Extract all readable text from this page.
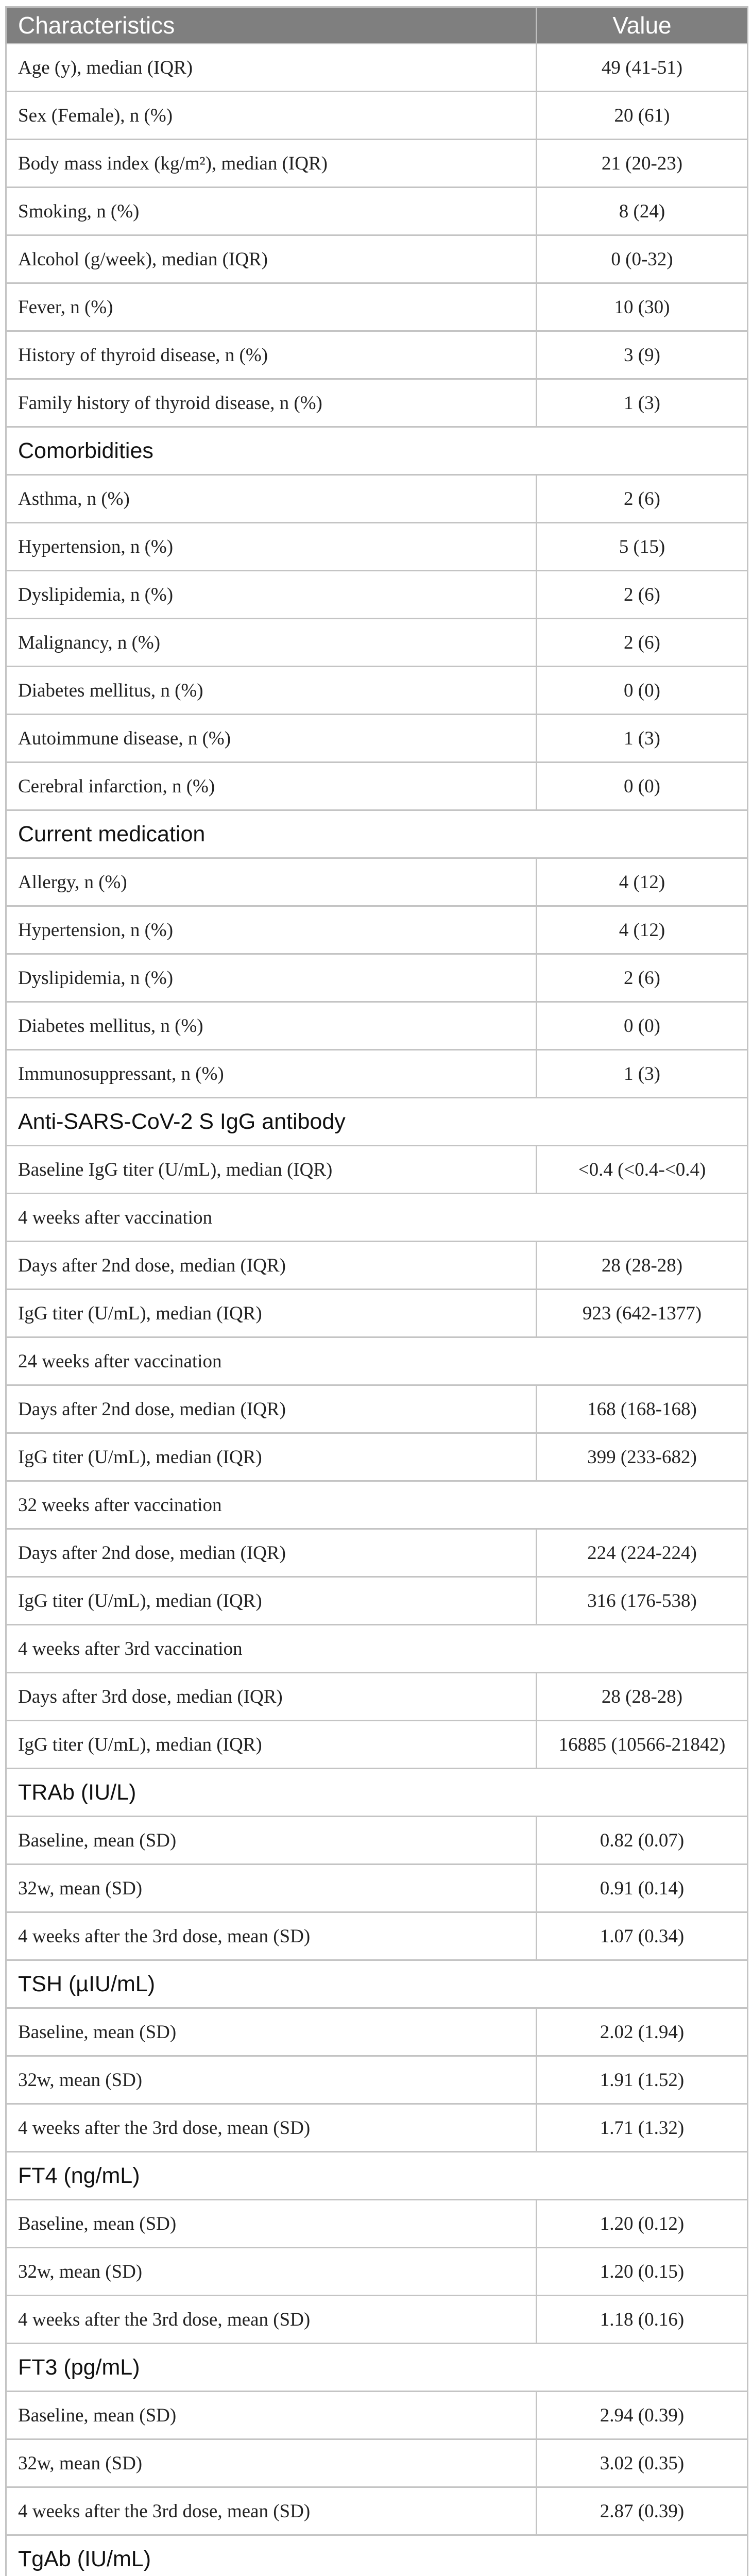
Characteristics	Value
Age (y), median (IQR)	49 (41-51)
Sex (Female), n (%)	20 (61)
Body mass index (kg/m²), median (IQR)	21 (20-23)
Smoking, n (%)	8 (24)
Alcohol (g/week), median (IQR)	0 (0-32)
Fever, n (%)	10 (30)
History of thyroid disease, n (%)	3 (9)
Family history of thyroid disease, n (%)	1 (3)
Comorbidities	
Asthma, n (%)	2 (6)
Hypertension, n (%)	5 (15)
Dyslipidemia, n (%)	2 (6)
Malignancy, n (%)	2 (6)
Diabetes mellitus, n (%)	0 (0)
Autoimmune disease, n (%)	1 (3)
Cerebral infarction, n (%)	0 (0)
Current medication	
Allergy, n (%)	4 (12)
Hypertension, n (%)	4 (12)
Dyslipidemia, n (%)	2 (6)
Diabetes mellitus, n (%)	0 (0)
Immunosuppressant, n (%)	1 (3)
Anti-SARS-CoV-2 S IgG antibody	
Baseline IgG titer (U/mL), median (IQR)	<0.4 (<0.4-<0.4)
4 weeks after vaccination	
Days after 2nd dose, median (IQR)	28 (28-28)
IgG titer (U/mL), median (IQR)	923 (642-1377)
24 weeks after vaccination	
Days after 2nd dose, median (IQR)	168 (168-168)
IgG titer (U/mL), median (IQR)	399 (233-682)
32 weeks after vaccination	
Days after 2nd dose, median (IQR)	224 (224-224)
IgG titer (U/mL), median (IQR)	316 (176-538)
4 weeks after 3rd vaccination	
Days after 3rd dose, median (IQR)	28 (28-28)
IgG titer (U/mL), median (IQR)	16885 (10566-21842)
TRAb (IU/L)	
Baseline, mean (SD)	0.82 (0.07)
32w, mean (SD)	0.91 (0.14)
4 weeks after the 3rd dose, mean (SD)	1.07 (0.34)
TSH (µIU/mL)	
Baseline, mean (SD)	2.02 (1.94)
32w, mean (SD)	1.91 (1.52)
4 weeks after the 3rd dose, mean (SD)	1.71 (1.32)
FT4 (ng/mL)	
Baseline, mean (SD)	1.20 (0.12)
32w, mean (SD)	1.20 (0.15)
4 weeks after the 3rd dose, mean (SD)	1.18 (0.16)
FT3 (pg/mL)	
Baseline, mean (SD)	2.94 (0.39)
32w, mean (SD)	3.02 (0.35)
4 weeks after the 3rd dose, mean (SD)	2.87 (0.39)
TgAb (IU/mL)	
